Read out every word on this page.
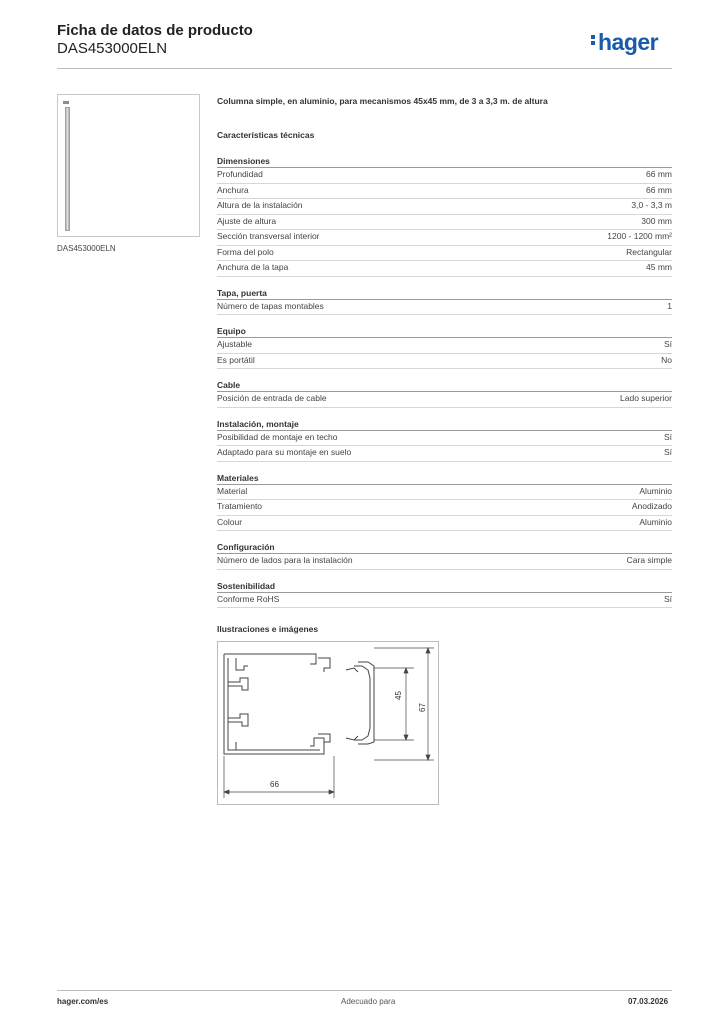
Ficha de datos de producto
DAS453000ELN	hager
DAS453000ELN
Columna simple, en aluminio, para mecanismos 45x45 mm, de 3 a 3,3 m. de altura
Características técnicas
Dimensiones
Profundidad	66 mm
Anchura	66 mm
Altura de la instalación	3,0 - 3,3 m
Ajuste de altura	300 mm
Sección transversal interior	1200 - 1200 mm²
Forma del polo	Rectangular
Anchura de la tapa	45 mm
Tapa, puerta
Número de tapas montables	1
Equipo
Ajustable	Sí
Es portátil	No
Cable
Posición de entrada de cable	Lado superior
Instalación, montaje
Posibilidad de montaje en techo	Sí
Adaptado para su montaje en suelo	Sí
Materiales
Material	Aluminio
Tratamiento	Anodizado
Colour	Aluminio
Configuración
Número de lados para la instalación	Cara simple
Sostenibilidad
Conforme RoHS	Sí
Ilustraciones e imágenes
66
45
67
hager.com/es	Adecuado para	07.03.2026
